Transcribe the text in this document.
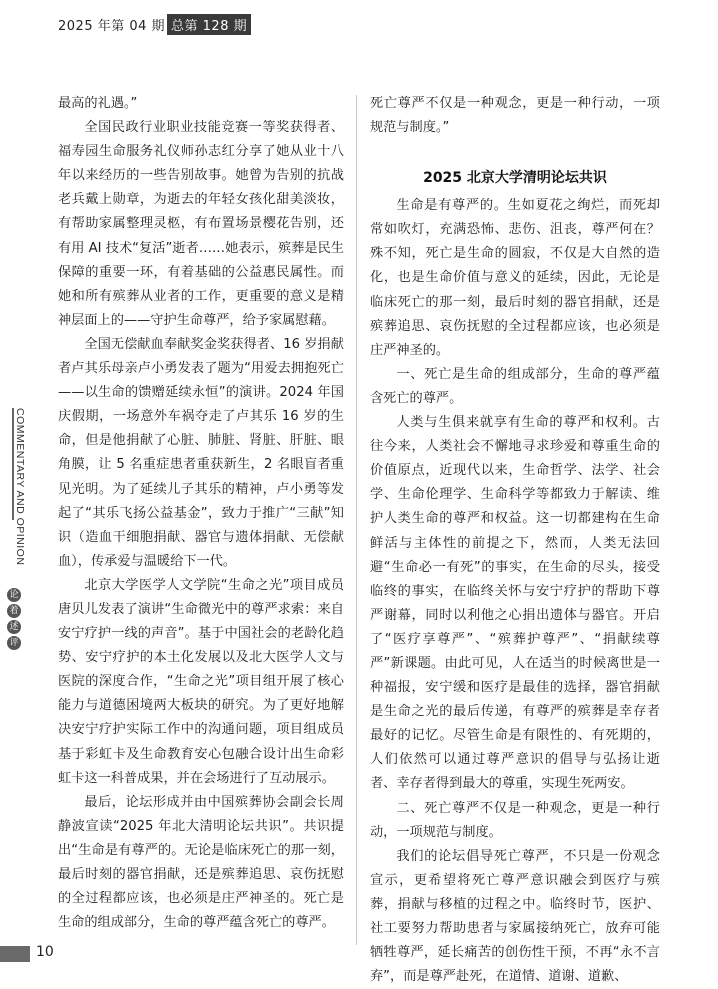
2025 年第 04 期 总第 128 期
COMMENTARY AND OPINION
论
着
述
评

最高的礼遇。”

全国民政行业职业技能竞赛一等奖获得者、福寿园生命服务礼仪师孙志红分享了她从业十八年以来经历的一些告别故事。她曾为告别的抗战老兵戴上勋章，为逝去的年轻女孩化甜美淡妆，有帮助家属整理灵柩，有布置场景樱花告别，还有用 AI 技术“复活”逝者……她表示，殡葬是民生保障的重要一环，有着基础的公益惠民属性。而她和所有殡葬从业者的工作，更重要的意义是精神层面上的——守护生命尊严，给予家属慰藉。

全国无偿献血奉献奖金奖获得者、16 岁捐献者卢其乐母亲卢小勇发表了题为“用爱去拥抱死亡——以生命的馈赠延续永恒”的演讲。2024 年国庆假期，一场意外车祸夺走了卢其乐 16 岁的生命，但是他捐献了心脏、肺脏、肾脏、肝脏、眼角膜，让 5 名重症患者重获新生，2 名眼盲者重见光明。为了延续儿子其乐的精神，卢小勇等发起了“其乐飞扬公益基金”，致力于推广“三献”知识（造血干细胞捐献、器官与遗体捐献、无偿献血），传承爱与温暖给下一代。

北京大学医学人文学院“生命之光”项目成员唐贝儿发表了演讲“生命微光中的尊严求索：来自安宁疗护一线的声音”。基于中国社会的老龄化趋势、安宁疗护的本土化发展以及北大医学人文与医院的深度合作，“生命之光”项目组开展了核心能力与道德困境两大板块的研究。为了更好地解决安宁疗护实际工作中的沟通问题，项目组成员基于彩虹卡及生命教育安心包融合设计出生命彩虹卡这一科普成果，并在会场进行了互动展示。

最后，论坛形成并由中国殡葬协会副会长周静波宣读“2025 年北大清明论坛共识”。共识提出“生命是有尊严的。无论是临床死亡的那一刻，最后时刻的器官捐献，还是殡葬追思、哀伤抚慰的全过程都应该，也必须是庄严神圣的。死亡是生命的组成部分，生命的尊严蕴含死亡的尊严。

死亡尊严不仅是一种观念，更是一种行动，一项规范与制度。”

2025 北京大学清明论坛共识

生命是有尊严的。生如夏花之绚烂，而死却常如吹灯，充满恐怖、悲伤、沮丧，尊严何在？殊不知，死亡是生命的圆寂，不仅是大自然的造化，也是生命价值与意义的延续，因此，无论是临床死亡的那一刻，最后时刻的器官捐献，还是殡葬追思、哀伤抚慰的全过程都应该，也必须是庄严神圣的。

一、死亡是生命的组成部分，生命的尊严蕴含死亡的尊严。

人类与生俱来就享有生命的尊严和权利。古往今来，人类社会不懈地寻求珍爱和尊重生命的价值原点，近现代以来，生命哲学、法学、社会学、生命伦理学、生命科学等都致力于解读、维护人类生命的尊严和权益。这一切都建构在生命鲜活与主体性的前提之下，然而，人类无法回避“生命必一有死”的事实，在生命的尽头，接受临终的事实，在临终关怀与安宁疗护的帮助下尊严谢幕，同时以利他之心捐出遗体与器官。开启了“医疗享尊严”、“殡葬护尊严”、“捐献续尊严”新课题。由此可见，人在适当的时候离世是一种福报，安宁缓和医疗是最佳的选择，器官捐献是生命之光的最后传递，有尊严的殡葬是幸存者最好的记忆。尽管生命是有限性的、有死期的，人们依然可以通过尊严意识的倡导与弘扬让逝者、幸存者得到最大的尊重，实现生死两安。

二、死亡尊严不仅是一种观念，更是一种行动，一项规范与制度。

我们的论坛倡导死亡尊严，不只是一份观念宣示，更希望将死亡尊严意识融会到医疗与殡葬，捐献与移植的过程之中。临终时节，医护、社工要努力帮助患者与家属接纳死亡，放弃可能牺牲尊严，延长痛苦的创伤性干预，不再“永不言弃”，而是尊严赴死，在道情、道谢、道歉、

10
